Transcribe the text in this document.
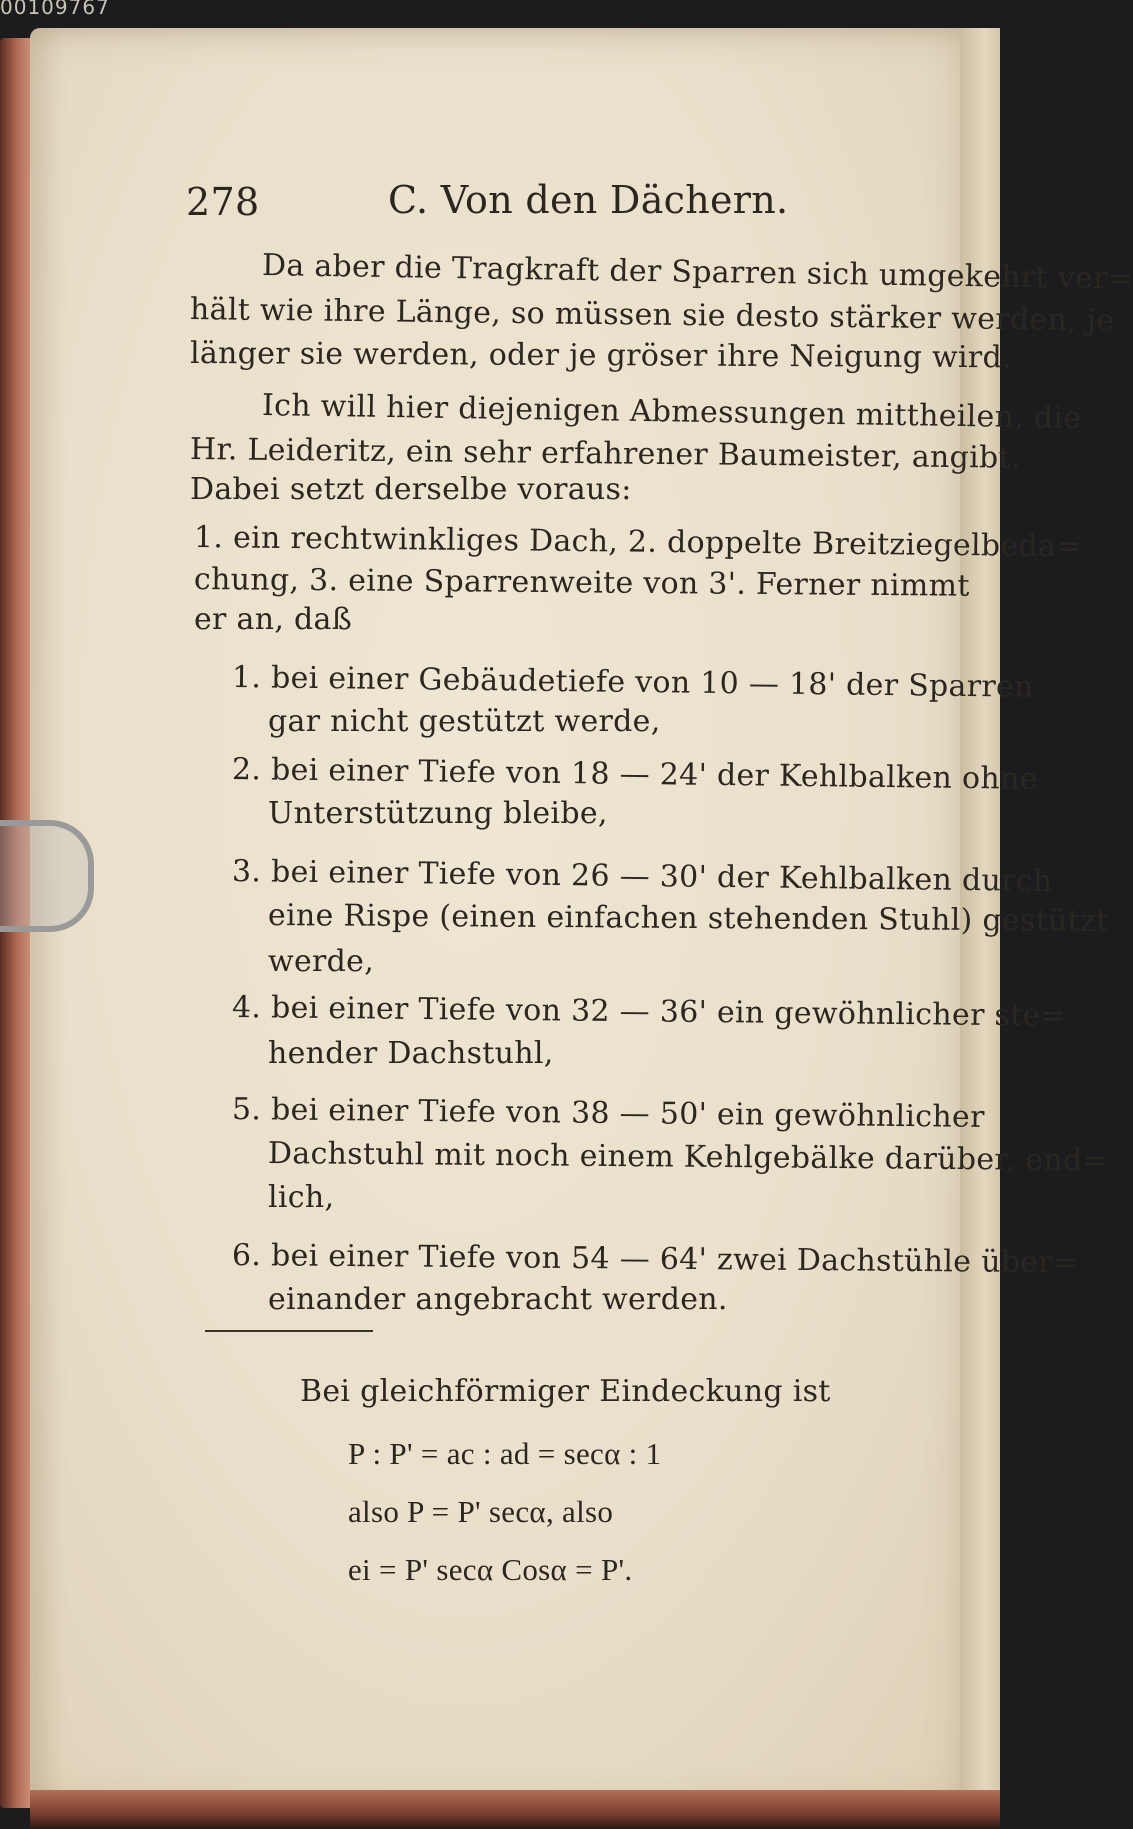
00109767
278	C. Von den Dächern.
Da aber die Tragkraft der Sparren sich umgekehrt ver=
hält wie ihre Länge, so müssen sie desto stärker werden, je
länger sie werden, oder je gröser ihre Neigung wird.
Ich will hier diejenigen Abmessungen mittheilen, die
Hr. Leideritz, ein sehr erfahrener Baumeister, angibt.
Dabei setzt derselbe voraus:
1. ein rechtwinkliges Dach, 2. doppelte Breitziegelbeda=
chung, 3. eine Sparrenweite von 3'. Ferner nimmt
er an, daß
1. bei einer Gebäudetiefe von 10 — 18' der Sparren
gar nicht gestützt werde,
2. bei einer Tiefe von 18 — 24' der Kehlbalken ohne
Unterstützung bleibe,
3. bei einer Tiefe von 26 — 30' der Kehlbalken durch
eine Rispe (einen einfachen stehenden Stuhl) gestützt
werde,
4. bei einer Tiefe von 32 — 36' ein gewöhnlicher ste=
hender Dachstuhl,
5. bei einer Tiefe von 38 — 50' ein gewöhnlicher
Dachstuhl mit noch einem Kehlgebälke darüber, end=
lich,
6. bei einer Tiefe von 54 — 64' zwei Dachstühle über=
einander angebracht werden.
Bei gleichförmiger Eindeckung ist
P : P' = ac : ad = secα : 1
also P = P' secα, also
ei = P' secα Cosα = P'.
